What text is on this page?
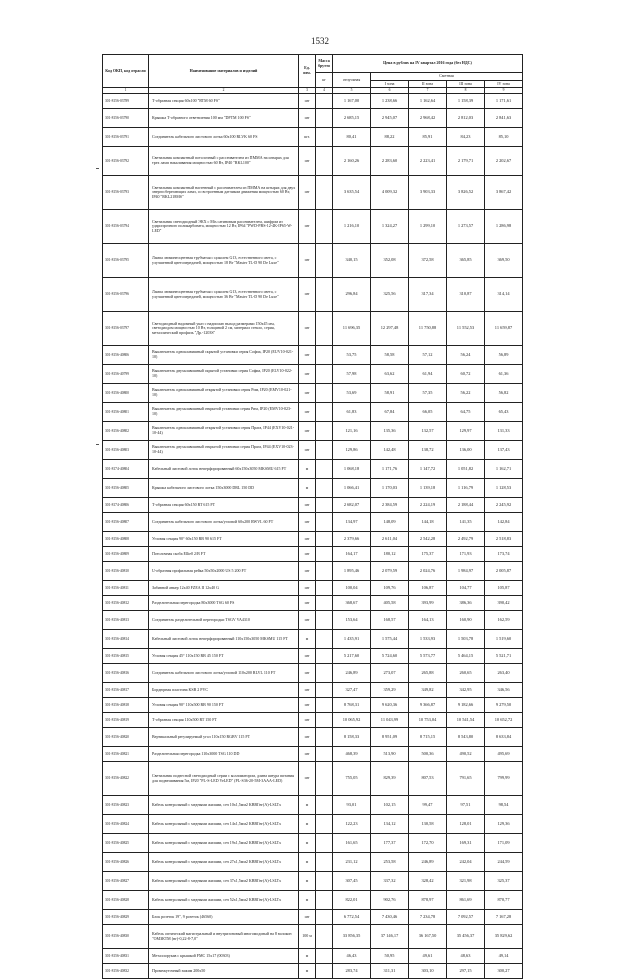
1532
Код ОКП, код отрасли	Наименование материалов и изделий	Ед. изм.	Масса брутто	Цена в рублях на IV квартал 2016 года (без НДС)				
			кг	отпускная	Сметная			
					I зона	II зона	III зона	IV зона
1	2	3	4	5	6	7	8	9
301-8156-03789	Т-образная секция 60x100 "RTM 60 FS"	шт		1 167,00	1 238,66	1 162,64	1 158,39	1 171,61
301-8156-03790	Крышка Т-образного ответвления 100 мм "DFTM 100 FS"	шт		2 685,15	2 945,07	2 968,42	2 812,03	2 841,63
301-8156-03791	Соединитель кабельного листового лотка 60x100 RLVK 60 FS	шт.		80,41	88,22	85,91	84,23	85,10
301-8156-03792	Светильник компактный потолочный с рассеивателем из ПММА на штырях для трех ламп накаливания мощностью 60 Вт, IP40 "RKL100"	шт		2 160,26	2 283,60	2 223,41	2 179,71	2 202,67
301-8156-03793	Светильник компактный настенный с рассеивателем из ПММА на штырях для двух энергосберегающих ламп, со встроенным датчиком движения мощностью 60 Вт, IP40 "RKL218MS"	шт		3 635,54	4 009,32	3 903,33	3 826,52	3 867,42
301-8156-03794	Светильник светодиодный ЭКХ с Mis сатиновым рассеивателем, шифром из ударопрочного поликарбоната, мощностью 12 Вт, IP64 "PWD-PBS-12-4K-IP65-W-LED"	шт		1 216,10	1 324,27	1 299,10	1 273,57	1 286,98
301-8156-03795	Лампа люминесцентная трубчатая с цоколем G13, естественного света, с улучшенной цветопередачей, мощностью 18 Вт "Master TL-D 90 De Luxe"	шт		340,15	352,08	372,58	365,85	369,50
301-8156-03796	Лампа люминесцентная трубчатая с цоколем G13, естественного света, с улучшенной цветопередачей, мощностью 36 Вт "Master TL-D 90 De Luxe"	шт		296,84	325,56	317,34	310,87	314,14
301-8156-03797	Светодиодный надомный указ с надписью выход размерами 150x45 мм, светодиодом мощностью 10 Вт, толщиной 2 см, материал стекло, серия, металлический профиль "Др.-1203S"	шт		11 696,35	12 297,48	11 750,88	11 552,53	11 659,87
301-8156-40806	Выключатель одноклавишный скрытой установки серия Софиа, IP20 (EUV10-021-10)	шт		53,75	58,58	57,12	56,24	56,89
301-8156-40799	Выключатель двухклавишный скрытой установки серия Софиа, IP20 (ELV10-022-10)	шт		57,98	63,62	61,94	60,72	61,36
301-8156-40800	Выключатель одноклавишный открытой установки серия Рим, IP20 (EMV10-021-10)	шт		53,69	58,91	57,35	56,22	56,82
301-8156-40801	Выключатель двухклавишный открытой установки серия Рим, IP20 (EMV10-023-10)	шт		61,83	67,84	66,05	64,75	65,43
301-8156-40802	Выключатель одноклавишный открытой установки серия Прага, IP44 (EXV10-021-10-44)	шт		121,16	135,36	132,57	129,97	131,33
301-8156-40803	Выключатель двухклавишный открытой установки серия Прага, IP44 (EXV10-023-10-44)	шт		129,86	142,48	138,72	136,00	137,43
301-8174-40804	Кабельный листовой лоток неперфорированный 60x150x3050 MKSMU 615 FT	м		1 068,18	1 171,76	1 147,72	1 051,82	1 162,71
301-8156-40805	Крышка кабельного листового лотка 150x3000 DRL 150 DD	м		1 066,41	1 170,03	1 139,18	1 116,79	1 128,53
301-8174-40806	Т-образная секция 60x150 RT 615 FT	шт		2 682,07	2 384,59	2 224,19	2 188,44	2 245,92
301-8156-40807	Соединитель кабельного листового лотка/угловой 60x200 RWVL 60 FT	шт		134,97	148,09	144,18	141,35	142,84
301-8156-40808	Угловая секция 90° 60x150 RB 90 615 FT	шт		2 379,66	2 611,04	2 542,28	2 492,79	2 518,83
301-8156-40809	Потолочная скоба Ellie0 2/B FT	шт		164,17	180,12	175,37	171,93	173,74
301-8156-40810	U-образная профильная рейка 50x50x2000 US 5 200 FT	шт		1 895,46	2 079,59	2 024,76	1 984,97	2 005,87
301-8156-40811	Забивной анкер 12x40 FZEA II 12x40 G	шт		100,04	109,76	106,87	104,77	105,87
301-8156-40812	Разделительная перегородка 80x3000 TSG 60 FS	шт		368,67	405,58	393,99	386,36	390,42
301-8156-40813	Соединитель разделительной перегородки TSGV VA4310	шт		153,64	168,57	164,13	160,90	162,59
301-8156-40814	Кабельный листовой лоток неперфорированный 110x150x3050 MKSMU 115 FT	м		1 435,91	1 575,44	1 533,93	1 503,78	1 519,60
301-8156-40815	Угловая секция 45° 110x150 RB 45 150 FT	шт		5 217,60	5 724,60	5 573,77	5 464,15	5 521,71
301-8156-40816	Соединитель кабельного листового лотка/угловой 110x200 RLVL 110 FT	шт		246,89	273,07	265,88	260,65	263,40
301-8156-40817	Бордюрная пластина KSB 2 PVC	шт		327,47	359,29	349,82	342,95	346,56
301-8156-40818	Угловая секция 90° 110x500 RB 90 150 FT	шт		8 768,31	9 620,36	9 366,87	9 182,66	9 279,50
301-8156-40819	Т-образная секция 110x500 RT 150 FT	шт		10 065,92	11 043,99	10 753,04	10 541,54	10 652,72
301-8156-40820	Вертикальный регулируемый угол 110x150 RGBV 115 FT	шт		8 158,33	8 951,09	8 715,15	8 543,80	8 633,84
301-8156-40821	Разделительная перегородка 110x3000 TSG 110 DD	шт		468,39	513,90	500,36	490,52	495,69
301-8156-40822	Светильник подвесной светодиодный серии с коллиматором, длина шнура питания для подвешивания 5м, IP20 "PL-S-LED VeLED" (PL-S36-20-5M-3AAA-LED)	шт		755,05	829,39	807,53	791,65	799,99
301-8156-40823	Кабель контрольный с медными жилами, сеч 10x1,5мм2 KBBГнг(A)-LSLTx	м		93,01	102,15	99,47	97,51	98,54
301-8156-40824	Кабель контрольный с медными жилами, сеч 14x1,5мм2 KBBГнг(A)-LSLTx	м		122,23	134,12	130,58	128,01	129,36
301-8156-40825	Кабель контрольный с медными жилами, сеч 19x1,5мм2 KBBГнг(A)-LSLTx	м		161,65	177,37	172,70	169,31	171,09
301-8156-40826	Кабель контрольный с медными жилами, сеч 27x1,5мм2 KBBГнг(A)-LSLTx	м		231,12	253,58	246,89	242,04	244,59
301-8156-40827	Кабель контрольный с медными жилами, сеч 37x1,5мм2 KBBГнг(A)-LSLTx	м		307,45	337,32	328,42	321,98	325,37
301-8156-40828	Кабель контрольный с медными жилами, сеч 52x1,5мм2 KBBГнг(A)-LSLTx	м		822,01	902,76	878,97	861,69	870,77
301-8156-40829	Блок розеток 19", 9 розеток (46560)	шт		6 772,54	7 430,46	7 234,78	7 092,57	7 167,28
301-8156-40830	Кабель оптический магистральный и внутризоновый многомодовый на 8 волокон "ОМЗКТМ (нг)-0,22-8-7,0"	100 м		33 856,35	37 146,17	36 167,50	35 456,37	35 829,62
301-8156-40831	Металлорукав с крышкой FMC 15x17 (00303)	м		46,43	50,95	49,61	48,63	49,14
301-8156-40832	Промежуточный зажим 200x50	м		283,74	311,31	303,10	297,15	300,27
